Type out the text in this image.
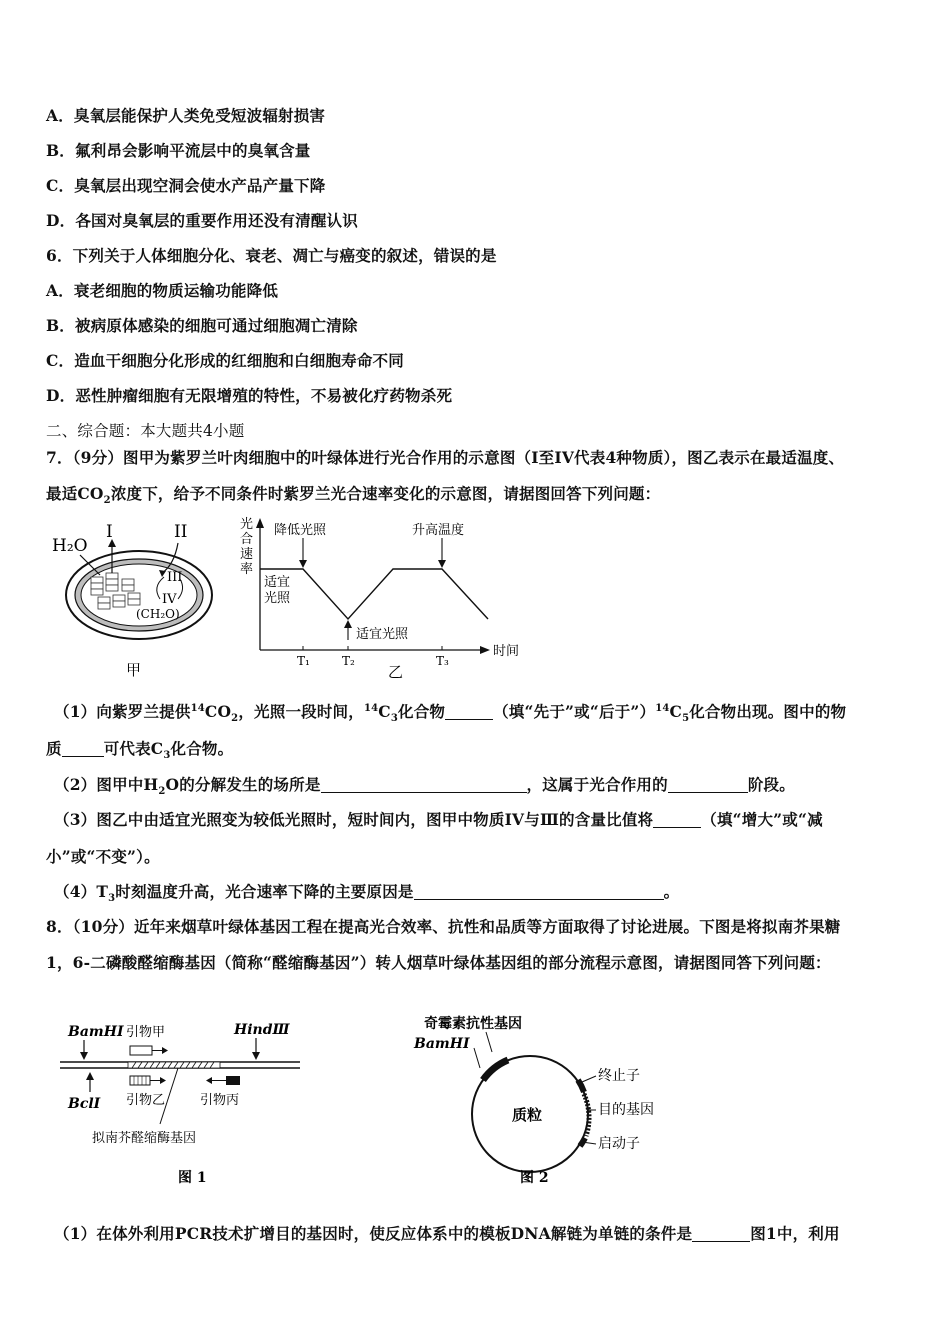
A．臭氧层能保护人类免受短波辐射损害
B．氟利昂会影响平流层中的臭氧含量
C．臭氧层出现空洞会使水产品产量下降
D．各国对臭氧层的重要作用还没有清醒认识
6．下列关于人体细胞分化、衰老、凋亡与癌变的叙述，错误的是
A．衰老细胞的物质运输功能降低
B．被病原体感染的细胞可通过细胞凋亡清除
C．造血干细胞分化形成的红细胞和白细胞寿命不同
D．恶性肿瘤细胞有无限增殖的特性，不易被化疗药物杀死
二、综合题：本大题共4小题
7．（9分）图甲为紫罗兰叶肉细胞中的叶绿体进行光合作用的示意图（I至IV代表4种物质），图乙表示在最适温度、
最适$CO_2$浓度下，给予不同条件时紫罗兰光合速率变化的示意图，请据图回答下列问题：
H₂O
I	II
III
IV
(CH₂O)
甲
光
合
速
率
时间
降低光照	升高温度
适宜
光照
适宜光照
T₁	T₂	T₃
乙
（1）向紫罗兰提供$^{14}CO_2$，光照一段时间，$^{14}C_3$化合物	（填“先于”或“后于$”)^{14}C_5$化合物出现。图中的物
质	可代表$C_3$化合物。
（2）图甲中$H_2O$的分解发生的场所是	，这属于光合作用的	阶段。
（3）图乙中由适宜光照变为较低光照时，短时间内，图甲中物质IV与Ⅲ的含量比值将	（填“增大”或“减
小”或“不变”）。
$(4)T_3$时刻温度升高，光合速率下降的主要原因是	。
8．（10分）近年来烟草叶绿体基因工程在提高光合效率、抗性和品质等方面取得了讨论进展。下图是将拟南芥果糖
1，6-二磷酸醛缩酶基因（简称“醛缩酶基因”）转人烟草叶绿体基因组的部分流程示意图，请据图同答下列问题：
BamHⅠ 引物甲	HindⅢ
BclⅠ 引物乙	引物丙
拟南芥醛缩酶基因
图 1
奇霉素抗性基因
BamHⅠ
质粒
终止子
目的基因
启动子
图 2
（1）在体外利用PCR技术扩增目的基因时，使反应体系中的模板DNA解链为单链的条件是	图1中，利用
